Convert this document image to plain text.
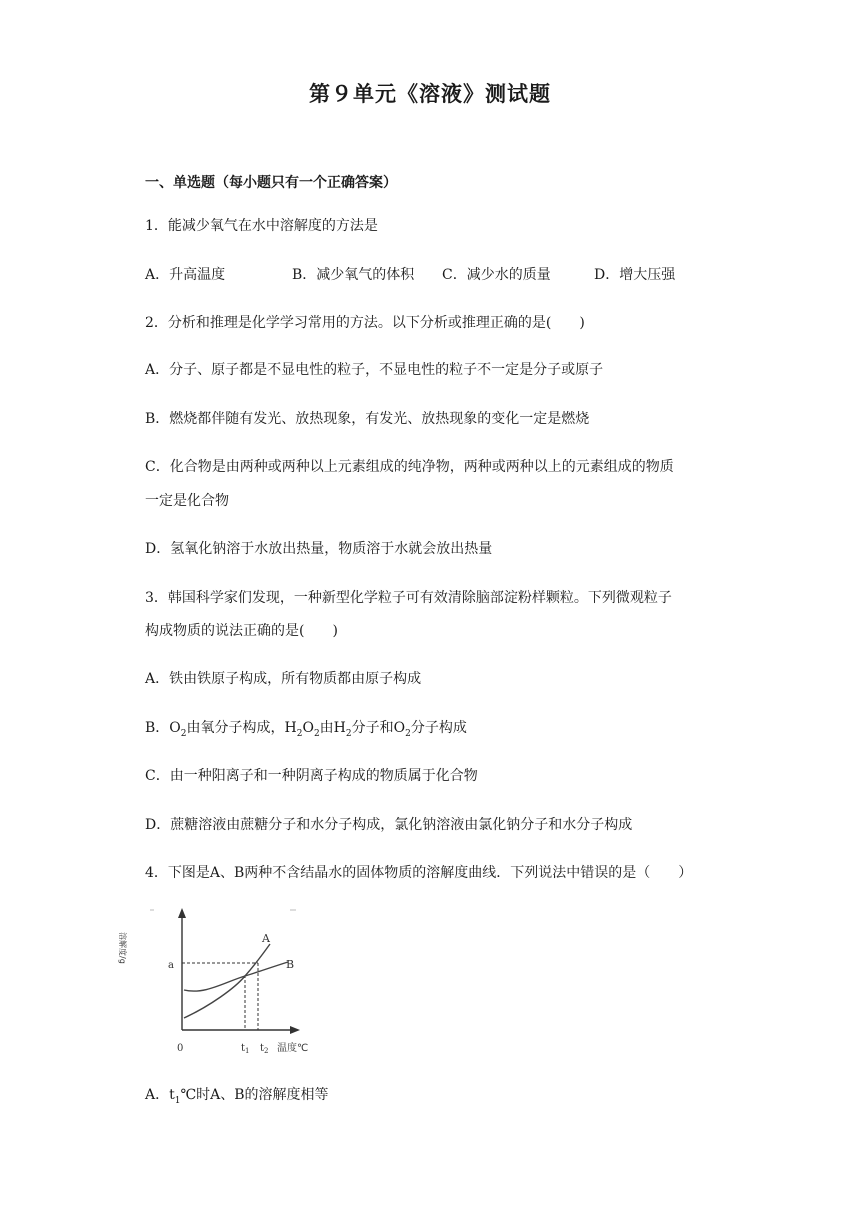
第９单元《溶液》测试题
一、单选题（每小题只有一个正确答案）
1．能减少氧气在水中溶解度的方法是
A．升高温度	B．减少氧气的体积 C．减少水的质量	D．增大压强
2．分析和推理是化学学习常用的方法。以下分析或推理正确的是(　　)
A．分子、原子都是不显电性的粒子，不显电性的粒子不一定是分子或原子
B．燃烧都伴随有发光、放热现象，有发光、放热现象的变化一定是燃烧
C．化合物是由两种或两种以上元素组成的纯净物，两种或两种以上的元素组成的物质
一定是化合物
D．氢氧化钠溶于水放出热量，物质溶于水就会放出热量
3．韩国科学家们发现，一种新型化学粒子可有效清除脑部淀粉样颗粒。下列微观粒子
构成物质的说法正确的是(　　)
A．铁由铁原子构成，所有物质都由原子构成
B．$O_2$由氧分子构成，$H_2O_2$由$H_2$分子和$O_2$分子构成
C．由一种阳离子和一种阴离子构成的物质属于化合物
D．蔗糖溶液由蔗糖分子和水分子构成，氯化钠溶液由氯化钠分子和水分子构成
4．下图是A、B两种不含结晶水的固体物质的溶解度曲线．下列说法中错误的是（　　）
溶解度/g
a
A
B
0	$t_1$ $t_2$ 温度℃
A．$t_1℃$时A、B的溶解度相等
